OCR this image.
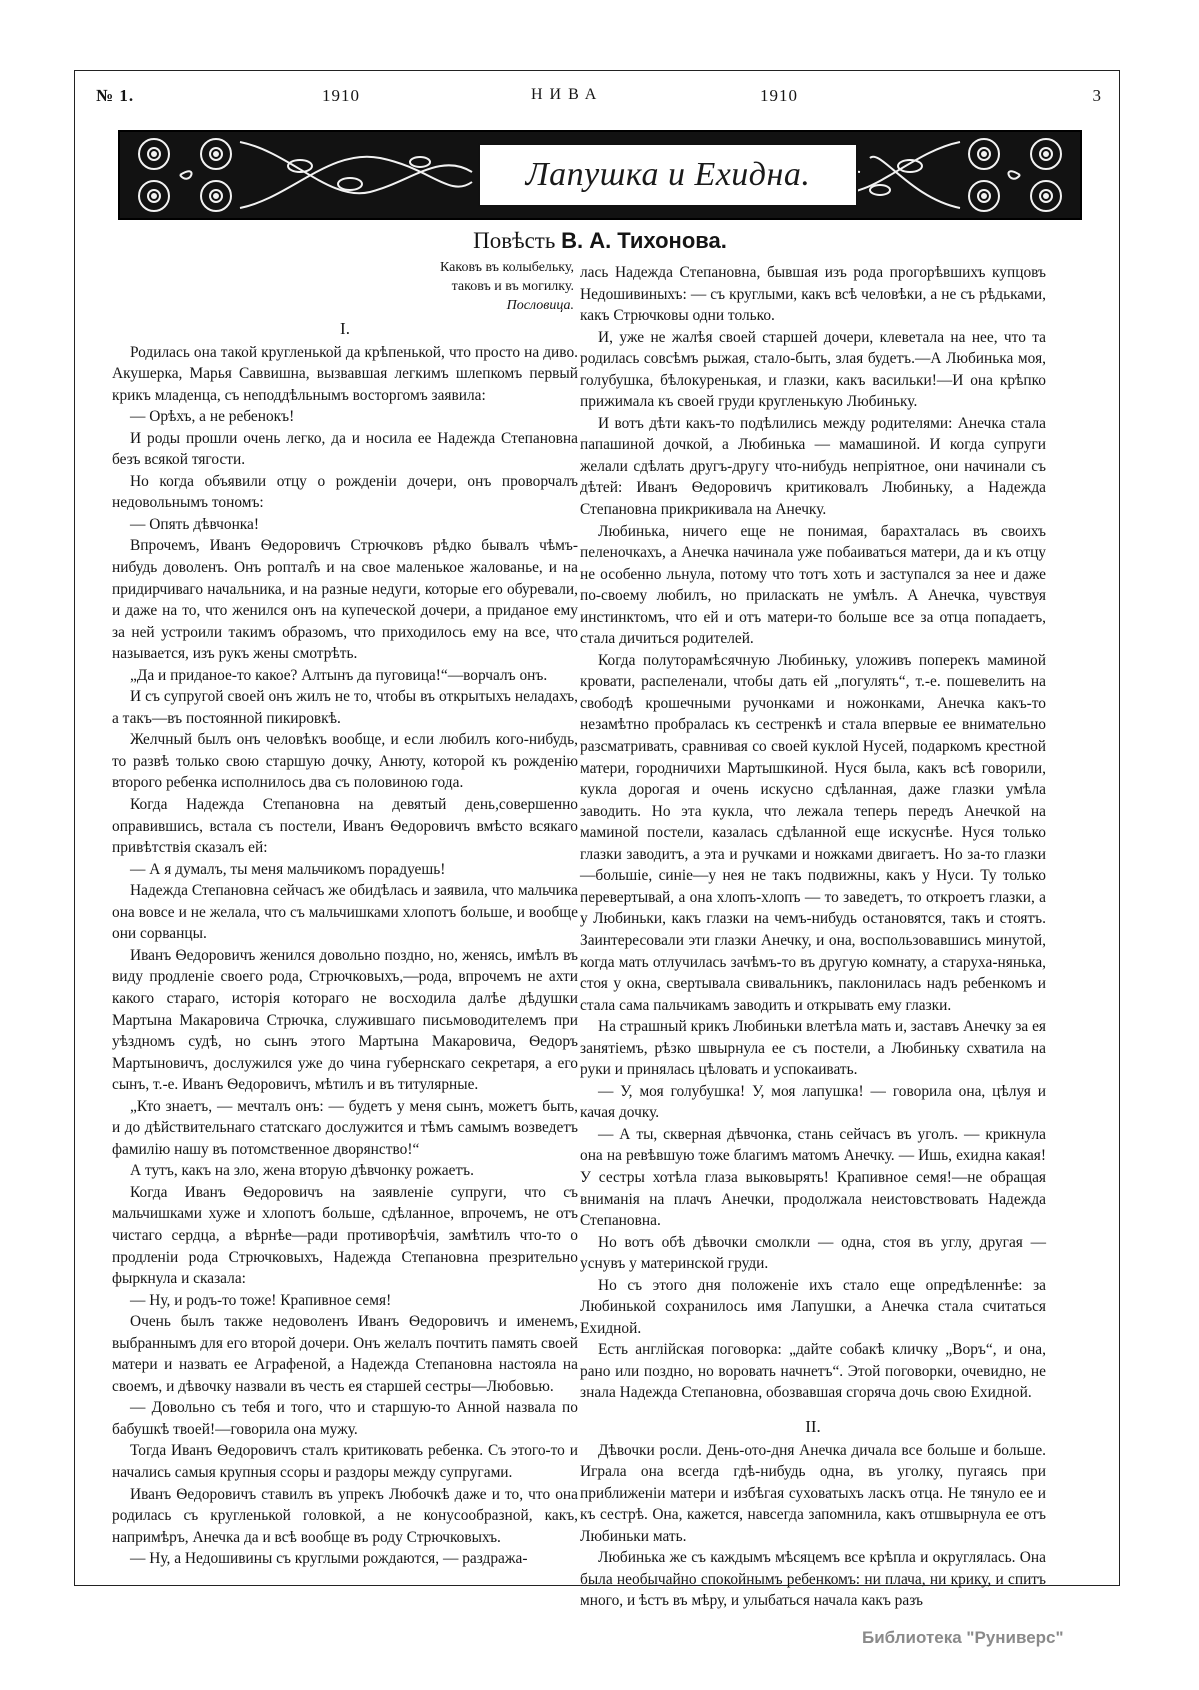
№ 1.	1910	НИВА	1910	3
Лапушка и Ехидна.
Повѣсть В. А. Тихонова.
Каковъ въ колыбельку,
таковъ и въ могилку.
Пословица.
I.

Родилась она такой кругленькой да крѣпенькой, что просто на диво. Акушерка, Марья Саввишна, вызвавшая легкимъ шлепкомъ первый крикъ младенца, съ неподдѣльнымъ восторгомъ заявила:

— Орѣхъ, а не ребенокъ!

И роды прошли очень легко, да и носила ее Надежда Степановна безъ всякой тягости.

Но когда объявили отцу о рожденіи дочери, онъ проворчалъ недовольнымъ тономъ:

— Опять дѣвчонка!

Впрочемъ, Иванъ Ѳедоровичъ Стрючковъ рѣдко бывалъ чѣмъ-нибудь доволенъ. Онъ роптал̂ъ и на свое маленькое жалованье, и на придирчиваго начальника, и на разные недуги, которые его обуревали, и даже на то, что женился онъ на купеческой дочери, а приданое ему за ней устроили такимъ образомъ, что приходилось ему на все, что называется, изъ рукъ жены смотрѣть.

„Да и приданое-то какое? Алтынъ да пуговица!“—ворчалъ онъ.

И съ супругой своей онъ жилъ не то, чтобы въ открытыхъ неладахъ, а такъ—въ постоянной пикировкѣ.

Желчный былъ онъ человѣкъ вообще, и если любилъ кого-нибудь, то развѣ только свою старшую дочку, Анюту, которой къ рожденію второго ребенка исполнилось два съ половиною года.

Когда Надежда Степановна на девятый день,совершенно оправившись, встала съ постели, Иванъ Ѳедоровичъ вмѣсто всякаго привѣтствія сказалъ ей:

— А я думалъ, ты меня мальчикомъ порадуешь!

Надежда Степановна сейчасъ же обидѣлась и заявила, что мальчика она вовсе и не желала, что съ мальчишками хлопотъ больше, и вообще они сорванцы.

Иванъ Ѳедоровичъ женился довольно поздно, но, женясь, имѣлъ въ виду продленіе своего рода, Стрючковыхъ,—рода, впрочемъ не ахти какого стараго, исторія котораго не восходила далѣе дѣдушки Мартына Макаровича Стрючка, служившаго письмоводителемъ при уѣздномъ судѣ, но сынъ этого Мартына Макаровича, Ѳедоръ Мартыновичъ, дослужился уже до чина губернскаго секретаря, а его сынъ, т.-е. Иванъ Ѳедоровичъ, мѣтилъ и въ титулярные.

„Кто знаетъ, — мечталъ онъ: — будетъ у меня сынъ, можетъ быть, и до дѣйствительнаго статскаго дослужится и тѣмъ самымъ возведетъ фамилію нашу въ потомственное дворянство!“

А тутъ, какъ на зло, жена вторую дѣвчонку рожаетъ.

Когда Иванъ Ѳедоровичъ на заявленіе супруги, что съ мальчишками хуже и хлопотъ больше, сдѣланное, впрочемъ, не отъ чистаго сердца, а вѣрнѣе—ради противорѣчія, замѣтилъ что-то о продленіи рода Стрючковыхъ, Надежда Степановна презрительно фыркнула и сказала:

— Ну, и родъ-то тоже! Крапивное семя!

Очень былъ также недоволенъ Иванъ Ѳедоровичъ и именемъ, выбраннымъ для его второй дочери. Онъ желалъ почтить память своей матери и назвать ее Аграфеной, а Надежда Степановна настояла на своемъ, и дѣвочку назвали въ честь ея старшей сестры—Любовью.

— Довольно съ тебя и того, что и старшую-то Анной назвала по бабушкѣ твоей!—говорила она мужу.

Тогда Иванъ Ѳедоровичъ сталъ критиковать ребенка. Съ этого-то и начались самыя крупныя ссоры и раздоры между супругами.

Иванъ Ѳедоровичъ ставилъ въ упрекъ Любочкѣ даже и то, что она родилась съ кругленькой головкой, а не конусообразной, какъ, напримѣръ, Анечка да и всѣ вообще въ роду Стрючковыхъ.

— Ну, а Недошивины съ круглыми рождаются, — раздража-

лась Надежда Степановна, бывшая изъ рода прогорѣвшихъ купцовъ Недошивиныхъ: — съ круглыми, какъ всѣ человѣки, а не съ рѣдьками, какъ Стрючковы одни только.

И, уже не жалѣя своей старшей дочери, клеветала на нее, что та родилась совсѣмъ рыжая, стало-быть, злая будетъ.—А Любинька моя, голубушка, бѣлокуренькая, и глазки, какъ васильки!—И она крѣпко прижимала къ своей груди кругленькую Любиньку.

И вотъ дѣти какъ-то подѣлились между родителями: Анечка стала папашиной дочкой, а Любинька — мамашиной. И когда супруги желали сдѣлать другъ-другу что-нибудь непріятное, они начинали съ дѣтей: Иванъ Ѳедоровичъ критиковалъ Любиньку, а Надежда Степановна прикрикивала на Анечку.

Любинька, ничего еще не понимая, барахталась въ своихъ пеленочкахъ, а Анечка начинала уже побаиваться матери, да и къ отцу не особенно льнула, потому что тотъ хоть и заступался за нее и даже по-своему любилъ, но приласкать не умѣлъ. А Анечка, чувствуя инстинктомъ, что ей и отъ матери-то больше все за отца попадаетъ, стала дичиться родителей.

Когда полуторамѣсячную Любиньку, уложивъ поперекъ маминой кровати, распеленали, чтобы дать ей „погулять“, т.-е. пошевелить на свободѣ крошечными ручонками и ножонками, Анечка какъ-то незамѣтно пробралась къ сестренкѣ и стала впервые ее внимательно разсматривать, сравнивая со своей куклой Нусей, подаркомъ крестной матери, городничихи Мартышкиной. Нуся была, какъ всѣ говорили, кукла дорогая и очень искусно сдѣланная, даже глазки умѣла заводить. Но эта кукла, что лежала теперь передъ Анечкой на маминой постели, казалась сдѣланной еще искуснѣе. Нуся только глазки заводитъ, а эта и ручками и ножками двигаетъ. Но за-то глазки—большіе, синіе—у нея не такъ подвижны, какъ у Нуси. Ту только перевертывай, а она хлопъ-хлопъ — то заведетъ, то откроетъ глазки, а у Любиньки, какъ глазки на чемъ-нибудь остановятся, такъ и стоятъ. Заинтересовали эти глазки Анечку, и она, воспользовавшись минутой, когда мать отлучилась зачѣмъ-то въ другую комнату, а старуха-нянька, стоя у окна, свертывала свивальникъ, паклонилась надъ ребенкомъ и стала сама пальчикамъ заводить и открывать ему глазки.

На страшный крикъ Любиньки влетѣла мать и, заставъ Анечку за ея занятіемъ, рѣзко швырнула ее съ постели, а Любиньку схватила на руки и принялась цѣловать и успокаивать.

— У, моя голубушка! У, моя лапушка! — говорила она, цѣлуя и качая дочку.

— А ты, скверная дѣвчонка, стань сейчасъ въ уголъ. — крикнула она на ревѣвшую тоже благимъ матомъ Анечку. — Ишь, ехидна какая! У сестры хотѣла глаза выковырять! Крапивное семя!—не обращая вниманія на плачъ Анечки, продолжала неистовствовать Надежда Степановна.

Но вотъ обѣ дѣвочки смолкли — одна, стоя въ углу, другая — уснувъ у материнской груди.

Но съ этого дня положеніе ихъ стало еще опредѣленнѣе: за Любинькой сохранилось имя Лапушки, а Анечка стала считаться Ехидной.

Есть англійская поговорка: „дайте собакѣ кличку „Воръ“, и она, рано или поздно, но воровать начнетъ“. Этой поговорки, очевидно, не знала Надежда Степановна, обозвавшая сгоряча дочь свою Ехидной.

II.

Дѣвочки росли. День-ото-дня Анечка дичала все больше и больше. Играла она всегда гдѣ-нибудь одна, въ уголку, пугаясь при приближеніи матери и избѣгая суховатыхъ ласкъ отца. Не тянуло ее и къ сестрѣ. Она, кажется, навсегда запомнила, какъ отшвырнула ее отъ Любиньки мать.

Любинька же съ каждымъ мѣсяцемъ все крѣпла и округлялась. Она была необычайно спокойнымъ ребенкомъ: ни плача, ни крику, и спитъ много, и ѣстъ въ мѣру, и улыбаться начала какъ разъ

Библиотека "Руниверс"
